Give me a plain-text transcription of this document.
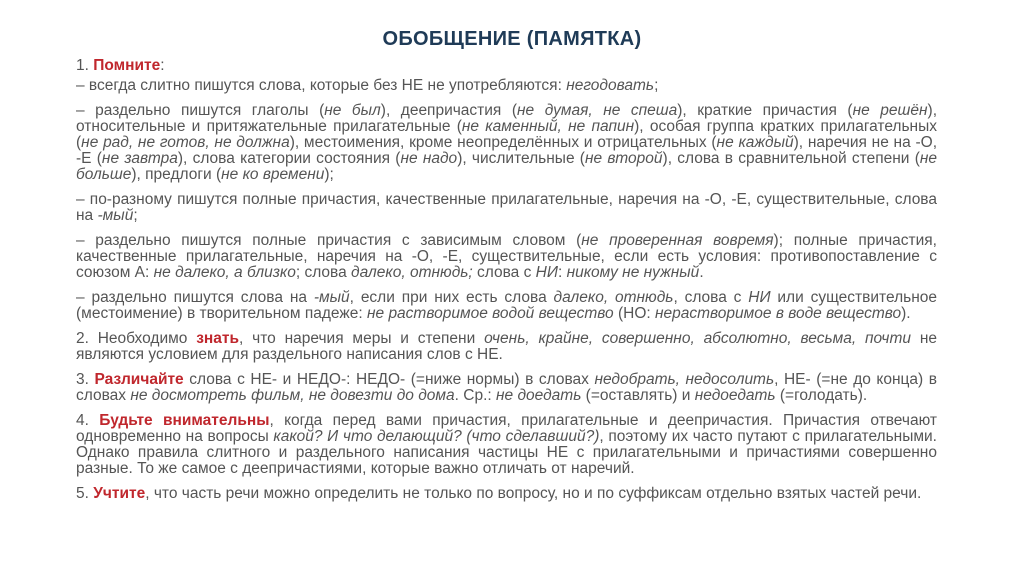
ОБОБЩЕНИЕ (ПАМЯТКА)

1. Помните:

– всегда слитно пишутся слова, которые без НЕ не употребляются: негодовать;

– раздельно пишутся глаголы (не был), деепричастия (не думая, не спеша), краткие причастия (не решён), относительные и притяжательные прилагательные (не каменный, не папин), особая группа кратких прилагательных (не рад, не готов, не должна), местоимения, кроме неопределённых и отрицательных (не каждый), наречия не на -О, -Е (не завтра), слова категории состояния (не надо), числительные (не второй), слова в сравнительной степени (не больше), предлоги (не ко времени);

– по-разному пишутся полные причастия, качественные прилагательные, наречия на -О, -Е, существительные, слова на -мый;

– раздельно пишутся полные причастия с зависимым словом (не проверенная вовремя); полные причастия, качественные прилагательные, наречия на -О, -Е, существительные, если есть условия: противопоставление с союзом А: не далеко, а близко; слова далеко, отнюдь; слова с НИ: никому не нужный.

– раздельно пишутся слова на -мый, если при них есть слова далеко, отнюдь, слова с НИ или существительное (местоимение) в творительном падеже: не растворимое водой вещество (НО: нерастворимое в воде вещество).

2. Необходимо знать, что наречия меры и степени очень, крайне, совершенно, абсолютно, весьма, почти не являются условием для раздельного написания слов с НЕ.

3. Различайте слова с НЕ- и НЕДО-: НЕДО- (=ниже нормы) в словах недобрать, недосолить, НЕ- (=не до конца) в словах не досмотреть фильм, не довезти до дома. Ср.: не доедать (=оставлять) и недоедать (=голодать).

4. Будьте внимательны, когда перед вами причастия, прилагательные и деепричастия. Причастия отвечают одновременно на вопросы какой? И что делающий? (что сделавший?), поэтому их часто путают с прилагательными. Однако правила слитного и раздельного написания частицы НЕ с прилагательными и причастиями совершенно разные. То же самое с деепричастиями, которые важно отличать от наречий.

5. Учтите, что часть речи можно определить не только по вопросу, но и по суффиксам отдельно взятых частей речи.
